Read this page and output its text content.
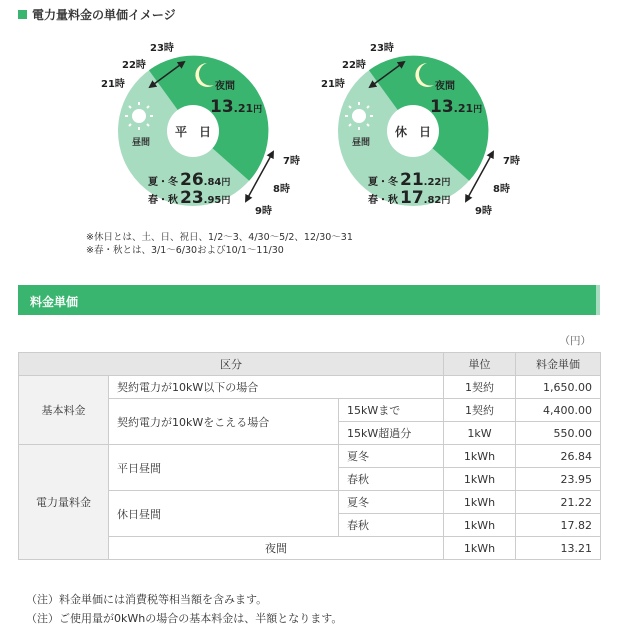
電力量料金の単価イメージ
平　日
夜間
13.21円
昼間
夏・冬 26.84円
春・秋 23.95円
23時
22時
21時
7時
8時
9時
休　日
夜間
13.21円
昼間
夏・冬 21.22円
春・秋 17.82円
23時
22時
21時
7時
8時
9時
※休日とは、土、日、祝日、1/2～3、4/30～5/2、12/30～31
※春・秋とは、3/1～6/30および10/1～11/30
料金単価
（円）
区分			単位	料金単価
基本料金	契約電力が10kW以下の場合		1契約	1,650.00
	契約電力が10kWをこえる場合	15kWまで	1契約	4,400.00
		15kW超過分	1kW	550.00
電力量料金	平日昼間	夏冬	1kWh	26.84
		春秋	1kWh	23.95
	休日昼間	夏冬	1kWh	21.22
		春秋	1kWh	17.82
	夜間		1kWh	13.21
（注）料金単価には消費税等相当額を含みます。
（注）ご使用量が0kWhの場合の基本料金は、半額となります。
